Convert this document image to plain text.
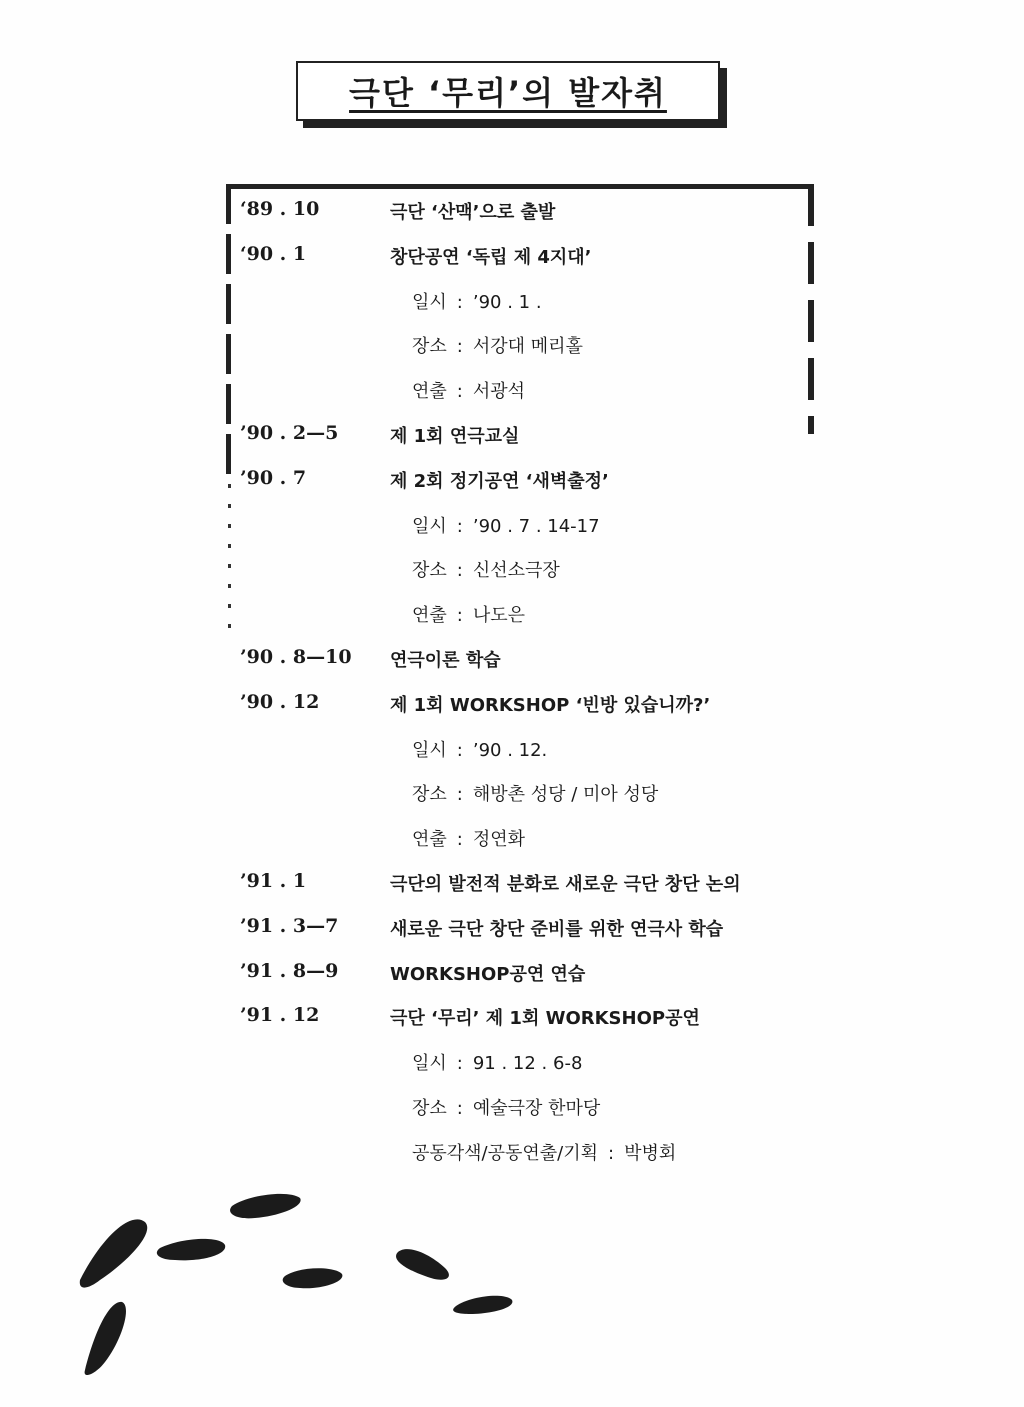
극단 ‘무리’의 발자취
‘89 . 10	극단 ‘산맥’으로 출발
‘90 . 1	창단공연 ‘독립 제 4지대’
일시 : ’90 . 1 .
장소 : 서강대 메리홀
연출 : 서광석
’90 . 2—5	제 1회 연극교실
’90 . 7	제 2회 정기공연 ‘새벽출정’
일시 : ’90 . 7 . 14-17
장소 : 신선소극장
연출 : 나도은
’90 . 8—10 연극이론 학습
’90 . 12	제 1회 WORKSHOP ‘빈방 있습니까?’
일시 : ’90 . 12.
장소 : 해방촌 성당 / 미아 성당
연출 : 정연화
’91 . 1	극단의 발전적 분화로 새로운 극단 창단 논의
’91 . 3—7	새로운 극단 창단 준비를 위한 연극사 학습
’91 . 8—9	WORKSHOP공연 연습
’91 . 12	극단 ‘무리’ 제 1회 WORKSHOP공연
일시 : 91 . 12 . 6-8
장소 : 예술극장 한마당
공동각색/공동연출/기획 : 박병회
